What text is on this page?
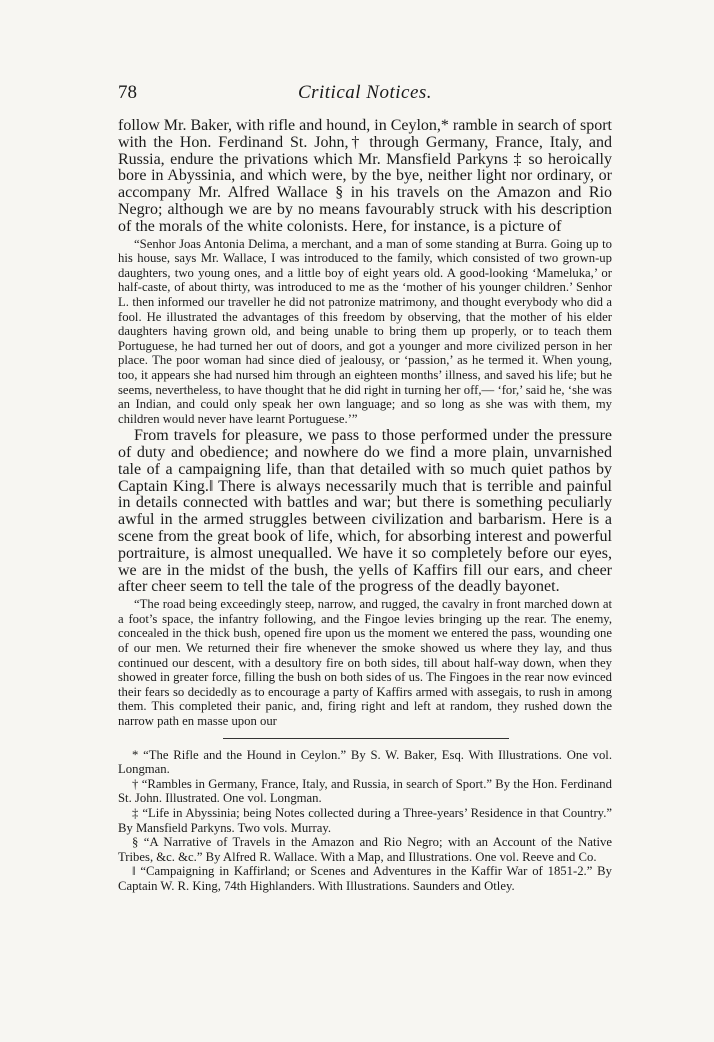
78	Critical Notices.

follow Mr. Baker, with rifle and hound, in Ceylon,* ramble in search of sport with the Hon. Ferdinand St. John,† through Germany, France, Italy, and Russia, endure the privations which Mr. Mansfield Parkyns ‡ so heroically bore in Abyssinia, and which were, by the bye, neither light nor ordinary, or accompany Mr. Alfred Wallace § in his travels on the Amazon and Rio Negro; although we are by no means favourably struck with his description of the morals of the white colonists. Here, for instance, is a picture of

“Senhor Joas Antonia Delima, a merchant, and a man of some standing at Burra. Going up to his house, says Mr. Wallace, I was introduced to the family, which consisted of two grown-up daughters, two young ones, and a little boy of eight years old. A good-looking ‘Mameluka,’ or half-caste, of about thirty, was introduced to me as the ‘mother of his younger children.’ Senhor L. then informed our traveller he did not patronize matrimony, and thought everybody who did a fool. He illustrated the advantages of this freedom by observing, that the mother of his elder daughters having grown old, and being unable to bring them up properly, or to teach them Portuguese, he had turned her out of doors, and got a younger and more civilized person in her place. The poor woman had since died of jealousy, or ‘passion,’ as he termed it. When young, too, it appears she had nursed him through an eighteen months’ illness, and saved his life; but he seems, nevertheless, to have thought that he did right in turning her off,— ‘for,’ said he, ‘she was an Indian, and could only speak her own language; and so long as she was with them, my children would never have learnt Portuguese.’”

From travels for pleasure, we pass to those performed under the pressure of duty and obedience; and nowhere do we find a more plain, unvarnished tale of a campaigning life, than that detailed with so much quiet pathos by Captain King.‖ There is always necessarily much that is terrible and painful in details connected with battles and war; but there is something peculiarly awful in the armed struggles between civilization and barbarism. Here is a scene from the great book of life, which, for absorbing interest and powerful portraiture, is almost unequalled. We have it so completely before our eyes, we are in the midst of the bush, the yells of Kaffirs fill our ears, and cheer after cheer seem to tell the tale of the progress of the deadly bayonet.

“The road being exceedingly steep, narrow, and rugged, the cavalry in front marched down at a foot’s space, the infantry following, and the Fingoe levies bringing up the rear. The enemy, concealed in the thick bush, opened fire upon us the moment we entered the pass, wounding one of our men. We returned their fire whenever the smoke showed us where they lay, and thus continued our descent, with a desultory fire on both sides, till about half-way down, when they showed in greater force, filling the bush on both sides of us. The Fingoes in the rear now evinced their fears so decidedly as to encourage a party of Kaffirs armed with assegais, to rush in among them. This completed their panic, and, firing right and left at random, they rushed down the narrow path en masse upon our

* “The Rifle and the Hound in Ceylon.” By S. W. Baker, Esq. With Illustrations. One vol. Longman.

† “Rambles in Germany, France, Italy, and Russia, in search of Sport.” By the Hon. Ferdinand St. John. Illustrated. One vol. Longman.

‡ “Life in Abyssinia; being Notes collected during a Three-years’ Residence in that Country.” By Mansfield Parkyns. Two vols. Murray.

§ “A Narrative of Travels in the Amazon and Rio Negro; with an Account of the Native Tribes, &c. &c.” By Alfred R. Wallace. With a Map, and Illustrations. One vol. Reeve and Co.

‖ “Campaigning in Kaffirland; or Scenes and Adventures in the Kaffir War of 1851-2.” By Captain W. R. King, 74th Highlanders. With Illustrations. Saunders and Otley.
